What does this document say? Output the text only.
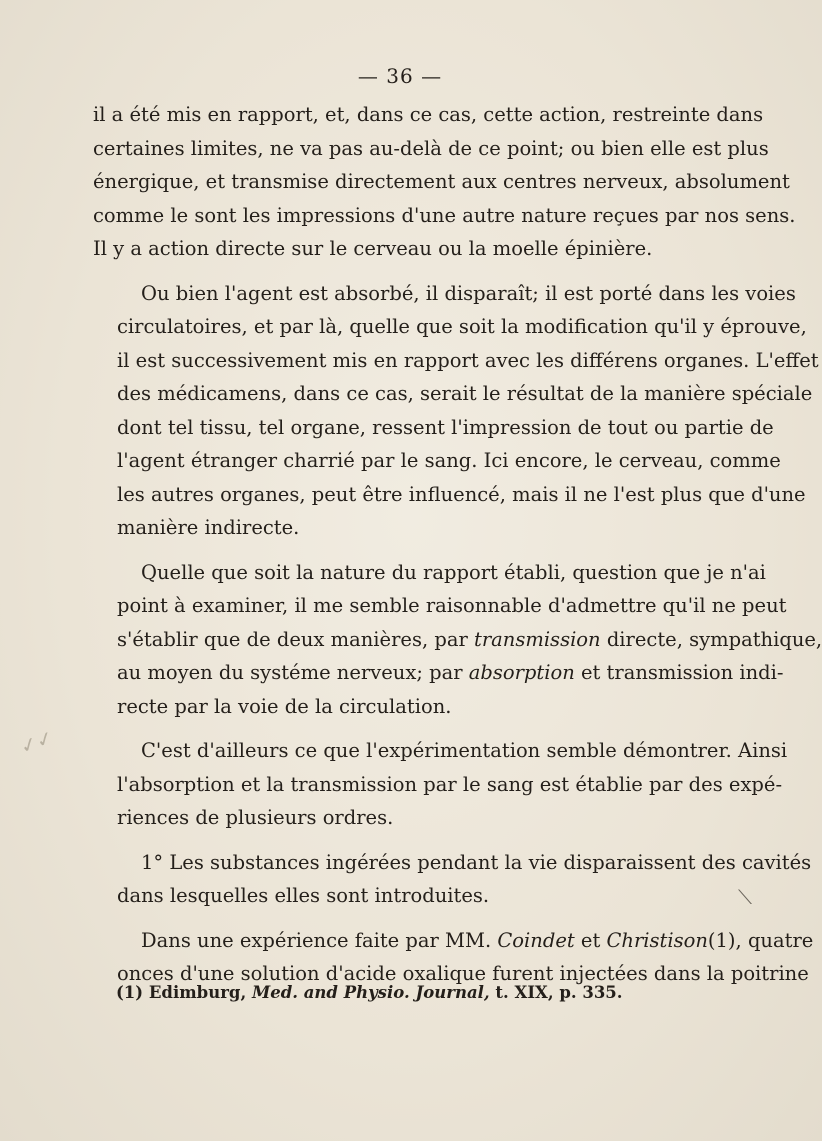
— 36 —

il a été mis en rapport, et, dans ce cas, cette action, restreinte dans
certaines limites, ne va pas au-delà de ce point; ou bien elle est plus
énergique, et transmise directement aux centres nerveux, absolument
comme le sont les impressions d'une autre nature reçues par nos sens.
Il y a action directe sur le cerveau ou la moelle épinière.

Ou bien l'agent est absorbé, il disparaît; il est porté dans les voies
circulatoires, et par là, quelle que soit la modification qu'il y éprouve,
il est successivement mis en rapport avec les différens organes. L'effet
des médicamens, dans ce cas, serait le résultat de la manière spéciale
dont tel tissu, tel organe, ressent l'impression de tout ou partie de
l'agent étranger charrié par le sang. Ici encore, le cerveau, comme
les autres organes, peut être influencé, mais il ne l'est plus que d'une
manière indirecte.

Quelle que soit la nature du rapport établi, question que je n'ai
point à examiner, il me semble raisonnable d'admettre qu'il ne peut
s'établir que de deux manières, par transmission directe, sympathique,
au moyen du systéme nerveux; par absorption et transmission indi-
recte par la voie de la circulation.

C'est d'ailleurs ce que l'expérimentation semble démontrer. Ainsi
l'absorption et la transmission par le sang est établie par des expé-
riences de plusieurs ordres.

1° Les substances ingérées pendant la vie disparaissent des cavités
dans lesquelles elles sont introduites.

Dans une expérience faite par MM. Coindet et Christison(1), quatre
onces d'une solution d'acide oxalique furent injectées dans la poitrine

(1) Edimburg, Med. and Physio. Journal, t. XIX, p. 335.
✓✓
⟍
